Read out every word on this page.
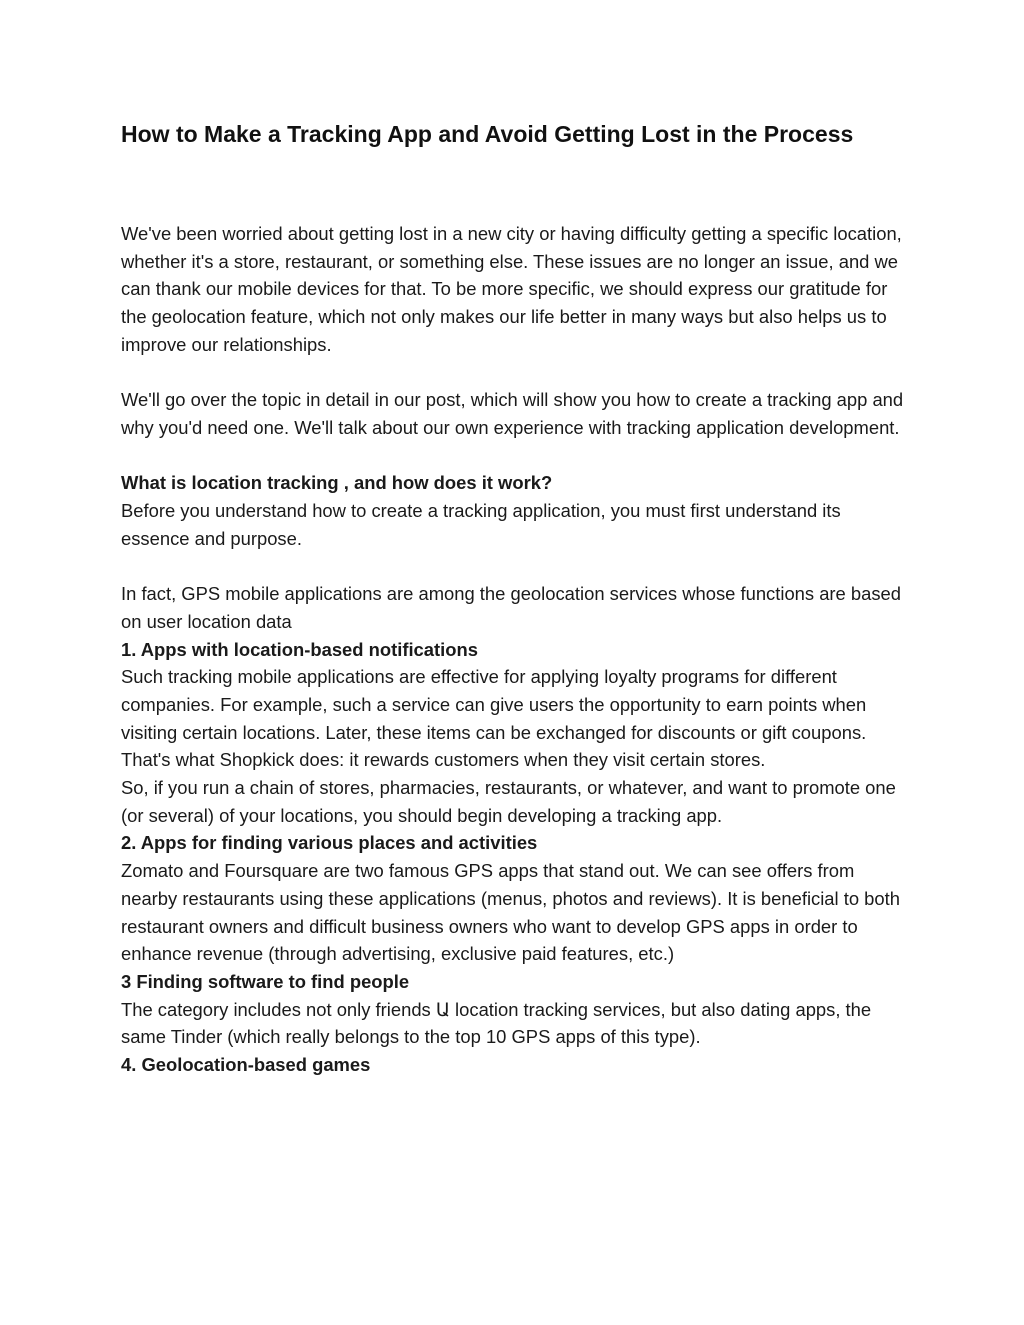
How to Make a Tracking App and Avoid Getting Lost in the Process

We've been worried about getting lost in a new city or having difficulty getting a specific location, whether it's a store, restaurant, or something else. These issues are no longer an issue, and we can thank our mobile devices for that. To be more specific, we should express our gratitude for the geolocation feature, which not only makes our life better in many ways but also helps us to improve our relationships.

We'll go over the topic in detail in our post, which will show you how to create a tracking app and why you'd need one. We'll talk about our own experience with tracking application development.

What is location tracking , and how does it work?

Before you understand how to create a tracking application, you must first understand its essence and purpose.

In fact, GPS mobile applications are among the geolocation services whose functions are based on user location data

1. Apps with location-based notifications

Such tracking mobile applications are effective for applying loyalty programs for different companies. For example, such a service can give users the opportunity to earn points when visiting certain locations. Later, these items can be exchanged for discounts or gift coupons. That's what Shopkick does: it rewards customers when they visit certain stores.

So, if you run a chain of stores, pharmacies, restaurants, or whatever, and want to promote one (or several) of your locations, you should begin developing a tracking app.

2. Apps for finding various places and activities

Zomato and Foursquare are two famous GPS apps that stand out. We can see offers from nearby restaurants using these applications (menus, photos and reviews). It is beneficial to both restaurant owners and difficult business owners who want to develop GPS apps in order to enhance revenue (through advertising, exclusive paid features, etc.)

3 Finding software to find people

The category includes not only friends Ա location tracking services, but also dating apps, the same Tinder (which really belongs to the top 10 GPS apps of this type).

4. Geolocation-based games
